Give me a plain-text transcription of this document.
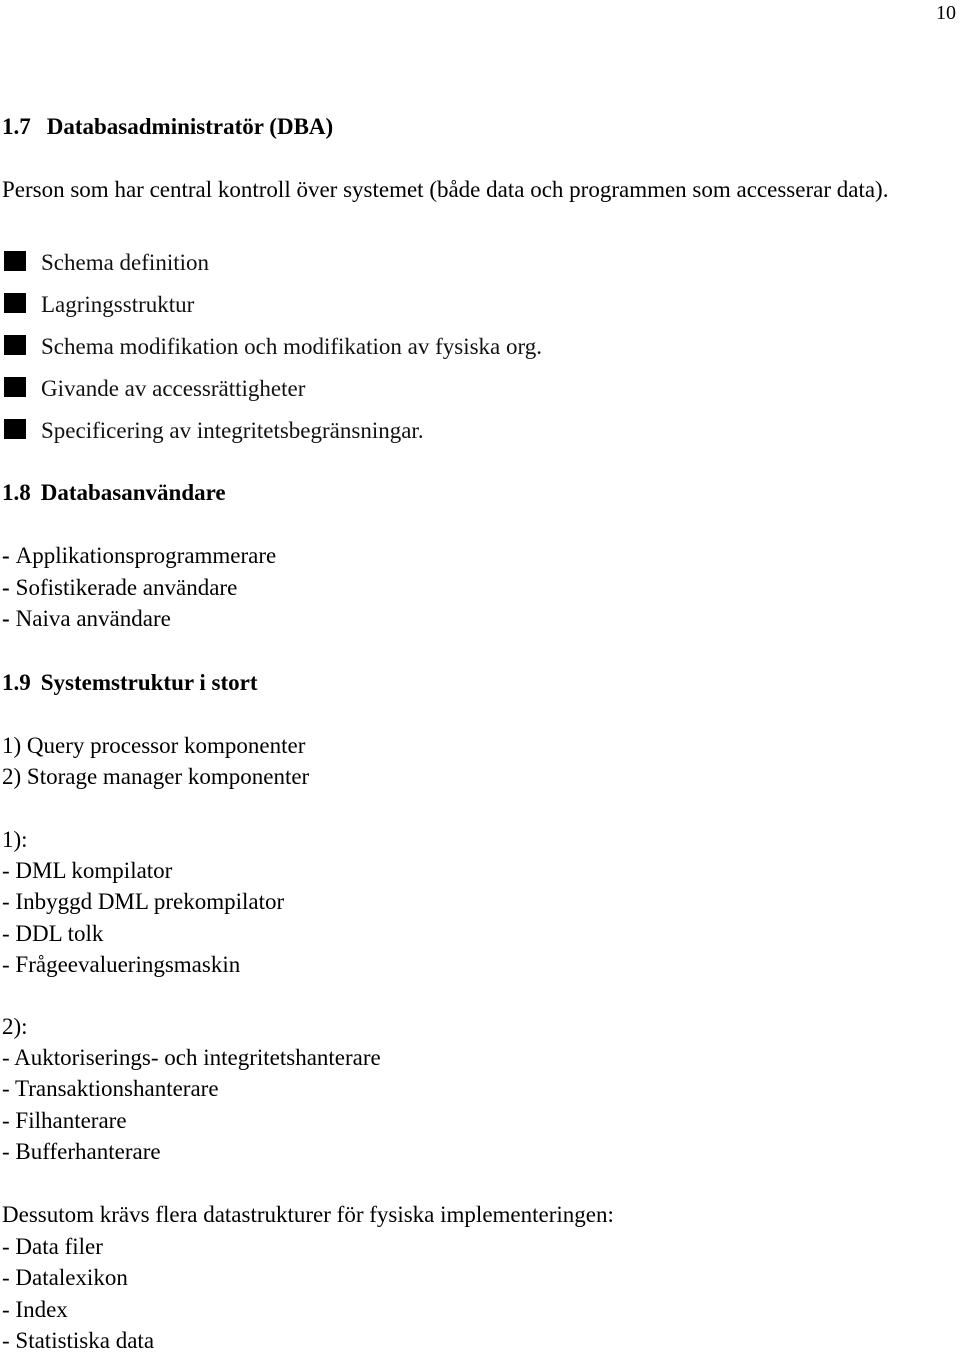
10
1.7 Databasadministratör (DBA)

Person som har central kontroll över systemet (både data och programmen som accesserar data).

Schema definition
Lagringsstruktur
Schema modifikation och modifikation av fysiska org.
Givande av accessrättigheter
Specificering av integritetsbegränsningar.
1.8 Databasanvändare
- Applikationsprogrammerare
- Sofistikerade användare
- Naiva användare
1.9 Systemstruktur i stort
1) Query processor komponenter
2) Storage manager komponenter

1):

- DML kompilator
- Inbyggd DML prekompilator
- DDL tolk
- Frågeevalueringsmaskin

2):

- Auktoriserings- och integritetshanterare
- Transaktionshanterare
- Filhanterare
- Bufferhanterare

Dessutom krävs flera datastrukturer för fysiska implementeringen:

- Data filer
- Datalexikon
- Index
- Statistiska data
